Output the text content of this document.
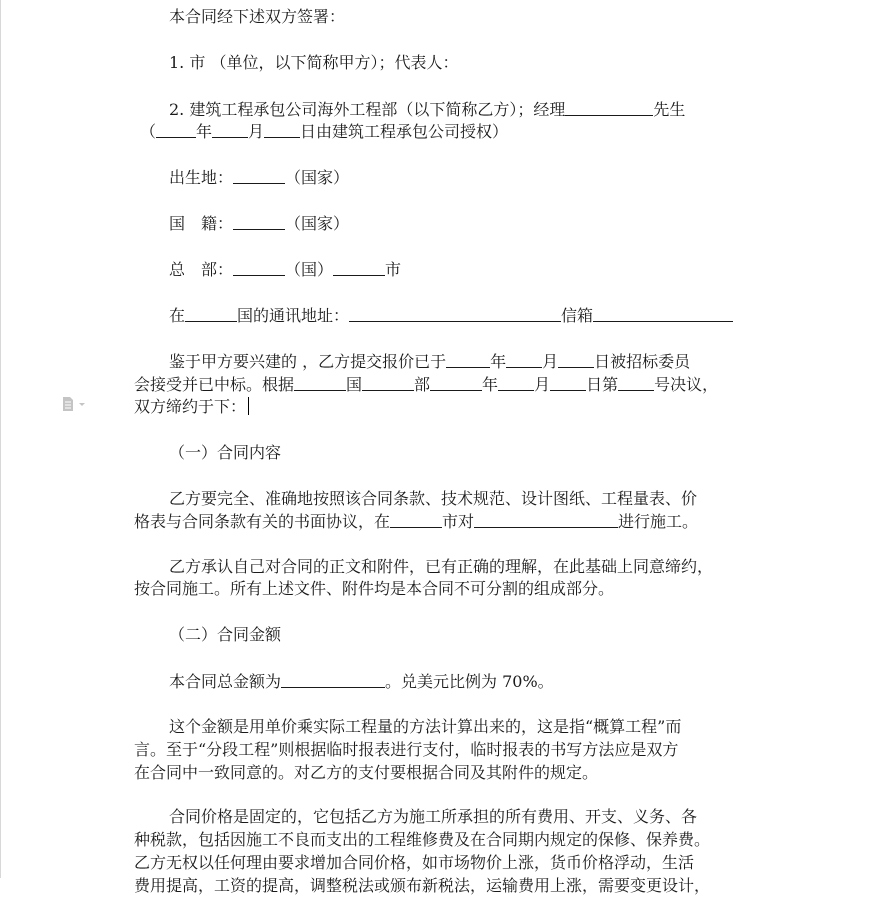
本合同经下述双方签署：
1. 市 （单位，以下简称甲方）；代表人：
2. 建筑工程承包公司海外工程部（以下简称乙方）；经理	先生
（	年 月 日由建筑工程承包公司授权）
出生地：	（国家）
国　籍：	（国家）
总　部：	（国）	市
在	国的通讯地址：	信箱
鉴于甲方要兴建的 ，乙方提交报价已于	年 月 日被招标委员
会接受并已中标。根据	国	部	年 月 日第 号决议，
双方缔约于下：
（一）合同内容
乙方要完全、准确地按照该合同条款、技术规范、设计图纸、工程量表、价
格表与合同条款有关的书面协议，在	市对	进行施工。
乙方承认自己对合同的正文和附件，已有正确的理解，在此基础上同意缔约，
按合同施工。所有上述文件、附件均是本合同不可分割的组成部分。
（二）合同金额
本合同总金额为	。兑美元比例为 70%。
这个金额是用单价乘实际工程量的方法计算出来的，这是指“概算工程”而
言。至于“分段工程”则根据临时报表进行支付，临时报表的书写方法应是双方
在合同中一致同意的。对乙方的支付要根据合同及其附件的规定。
合同价格是固定的，它包括乙方为施工所承担的所有费用、开支、义务、各
种税款，包括因施工不良而支出的工程维修费及在合同期内规定的保修、保养费。
乙方无权以任何理由要求增加合同价格，如市场物价上涨，货币价格浮动，生活
费用提高，工资的提高，调整税法或颁布新税法，运输费用上涨，需要变更设计，
